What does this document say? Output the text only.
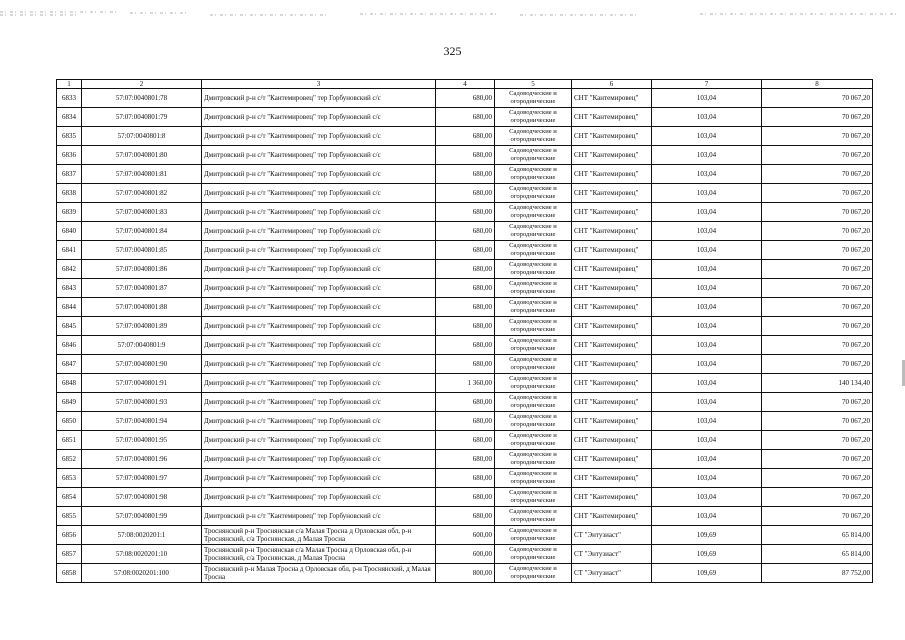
325
1	2	3	4	5	6	7	8
6833	57:07:0040801:78	Дмитровский р-н с/т "Кантемировец" тер Горбуновский с/с	680,00	Садоводческие и огороднические	СНТ "Кантемировец"	103,04	70 067,20
6834	57:07:0040801:79	Дмитровский р-н с/т "Кантемировец" тер Горбуновский с/с	680,00	Садоводческие и огороднические	СНТ "Кантемировец"	103,04	70 067,20
6835	57:07:0040801:8	Дмитровский р-н с/т "Кантемировец" тер Горбуновский с/с	680,00	Садоводческие и огороднические	СНТ "Кантемировец"	103,04	70 067,20
6836	57:07:0040801:80	Дмитровский р-н с/т "Кантемировец" тер Горбуновский с/с	680,00	Садоводческие и огороднические	СНТ "Кантемировец"	103,04	70 067,20
6837	57:07:0040801:81	Дмитровский р-н с/т "Кантемировец" тер Горбуновский с/с	680,00	Садоводческие и огороднические	СНТ "Кантемировец"	103,04	70 067,20
6838	57:07:0040801:82	Дмитровский р-н с/т "Кантемировец" тер Горбуновский с/с	680,00	Садоводческие и огороднические	СНТ "Кантемировец"	103,04	70 067,20
6839	57:07:0040801:83	Дмитровский р-н с/т "Кантемировец" тер Горбуновский с/с	680,00	Садоводческие и огороднические	СНТ "Кантемировец"	103,04	70 067,20
6840	57:07:0040801:84	Дмитровский р-н с/т "Кантемировец" тер Горбуновский с/с	680,00	Садоводческие и огороднические	СНТ "Кантемировец"	103,04	70 067,20
6841	57:07:0040801:85	Дмитровский р-н с/т "Кантемировец" тер Горбуновский с/с	680,00	Садоводческие и огороднические	СНТ "Кантемировец"	103,04	70 067,20
6842	57:07:0040801:86	Дмитровский р-н с/т "Кантемировец" тер Горбуновский с/с	680,00	Садоводческие и огороднические	СНТ "Кантемировец"	103,04	70 067,20
6843	57:07:0040801:87	Дмитровский р-н с/т "Кантемировец" тер Горбуновский с/с	680,00	Садоводческие и огороднические	СНТ "Кантемировец"	103,04	70 067,20
6844	57:07:0040801:88	Дмитровский р-н с/т "Кантемировец" тер Горбуновский с/с	680,00	Садоводческие и огороднические	СНТ "Кантемировец"	103,04	70 067,20
6845	57:07:0040801:89	Дмитровский р-н с/т "Кантемировец" тер Горбуновский с/с	680,00	Садоводческие и огороднические	СНТ "Кантемировец"	103,04	70 067,20
6846	57:07:0040801:9	Дмитровский р-н с/т "Кантемировец" тер Горбуновский с/с	680,00	Садоводческие и огороднические	СНТ "Кантемировец"	103,04	70 067,20
6847	57:07:0040801:90	Дмитровский р-н с/т "Кантемировец" тер Горбуновский с/с	680,00	Садоводческие и огороднические	СНТ "Кантемировец"	103,04	70 067,20
6848	57:07:0040801:91	Дмитровский р-н с/т "Кантемировец" тер Горбуновский с/с	1 360,00	Садоводческие и огороднические	СНТ "Кантемировец"	103,04	140 134,40
6849	57:07:0040801:93	Дмитровский р-н с/т "Кантемировец" тер Горбуновский с/с	680,00	Садоводческие и огороднические	СНТ "Кантемировец"	103,04	70 067,20
6850	57:07:0040801:94	Дмитровский р-н с/т "Кантемировец" тер Горбуновский с/с	680,00	Садоводческие и огороднические	СНТ "Кантемировец"	103,04	70 067,20
6851	57:07:0040801:95	Дмитровский р-н с/т "Кантемировец" тер Горбуновский с/с	680,00	Садоводческие и огороднические	СНТ "Кантемировец"	103,04	70 067,20
6852	57:07:0040801:96	Дмитровский р-н с/т "Кантемировец" тер Горбуновский с/с	680,00	Садоводческие и огороднические	СНТ "Кантемировец"	103,04	70 067,20
6853	57:07:0040801:97	Дмитровский р-н с/т "Кантемировец" тер Горбуновский с/с	680,00	Садоводческие и огороднические	СНТ "Кантемировец"	103,04	70 067,20
6854	57:07:0040801:98	Дмитровский р-н с/т "Кантемировец" тер Горбуновский с/с	680,00	Садоводческие и огороднические	СНТ "Кантемировец"	103,04	70 067,20
6855	57:07:0040801:99	Дмитровский р-н с/т "Кантемировец" тер Горбуновский с/с	680,00	Садоводческие и огороднические	СНТ "Кантемировец"	103,04	70 067,20
6856	57:08:0020201:1	Троснянский р-н Троснянская с/а Малая Тросна д Орловская обл, р-н Троснянский, с/а Троснянская, д Малая Тросна	600,00	Садоводческие и огороднические	СТ "Энтузиаст"	109,69	65 814,00
6857	57:08:0020201:10	Троснянский р-н Троснянская с/а Малая Тросна д Орловская обл, р-н Троснянский, с/а Троснянская, д Малая Тросна	600,00	Садоводческие и огороднические	СТ "Энтузиаст"	109,69	65 814,00
6858	57:08:0020201:100	Троснянский р-н Малая Тросна д Орловская обл, р-н Троснянский, д Малая Тросна	800,00	Садоводческие и огороднические	СТ "Энтузиаст"	109,69	87 752,00
